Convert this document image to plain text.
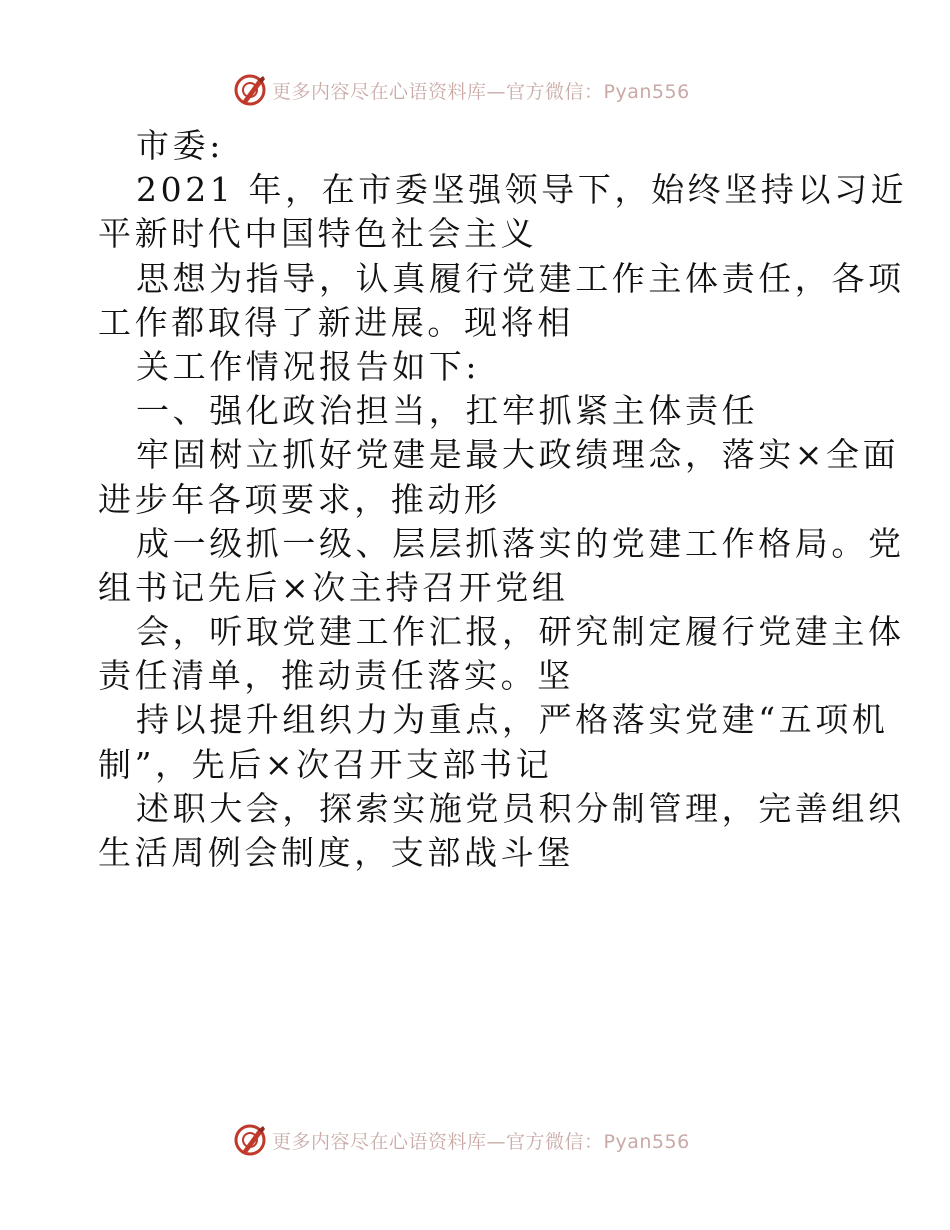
更多内容尽在心语资料库—官方微信：Pyan556
市委:
2021 年，在市委坚强领导下，始终坚持以习近
平新时代中国特色社会主义
思想为指导，认真履行党建工作主体责任，各项
工作都取得了新进展。现将相
关工作情况报告如下:
一、强化政治担当，扛牢抓紧主体责任
牢固树立抓好党建是最大政绩理念，落实×全面
进步年各项要求，推动形
成一级抓一级、层层抓落实的党建工作格局。党
组书记先后×次主持召开党组
会，听取党建工作汇报，研究制定履行党建主体
责任清单，推动责任落实。坚
持以提升组织力为重点，严格落实党建“五项机
制”，先后×次召开支部书记
述职大会，探索实施党员积分制管理，完善组织
生活周例会制度，支部战斗堡
更多内容尽在心语资料库—官方微信：Pyan556
